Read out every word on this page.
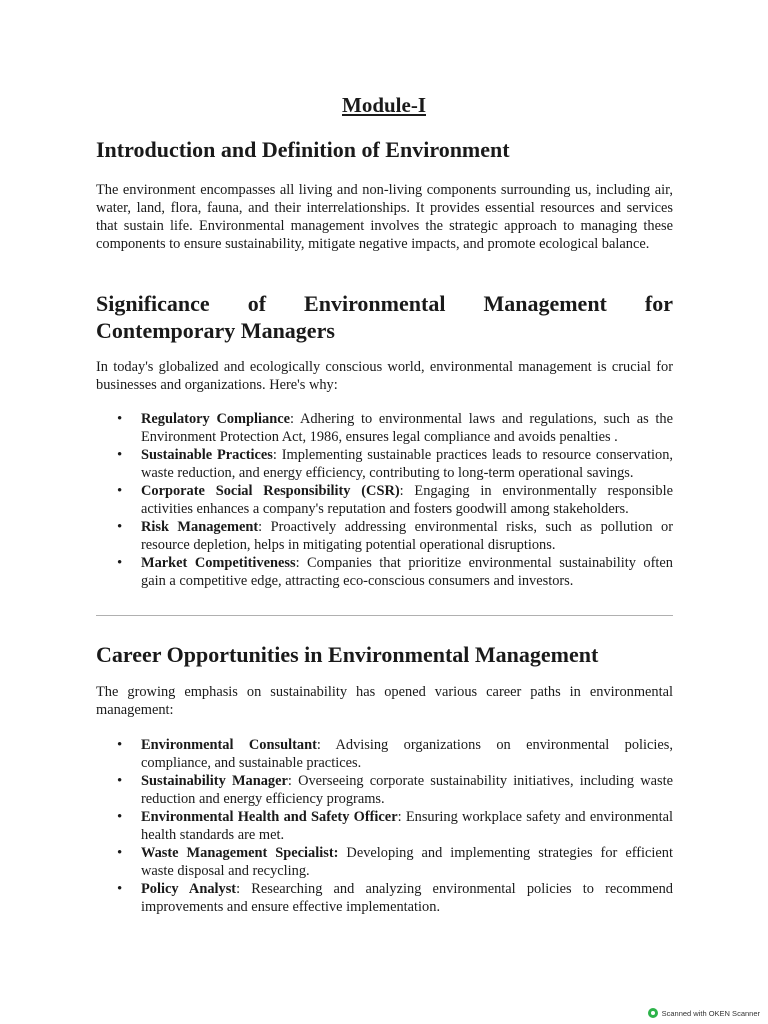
Module-I
Introduction and Definition of Environment

The environment encompasses all living and non-living components surrounding us, including air, water, land, flora, fauna, and their interrelationships. It provides essential resources and services that sustain life. Environmental management involves the strategic approach to managing these components to ensure sustainability, mitigate negative impacts, and promote ecological balance.

Significance of Environmental Management for
Contemporary Managers

In today's globalized and ecologically conscious world, environmental management is crucial for businesses and organizations. Here's why:

• Regulatory Compliance: Adhering to environmental laws and regulations, such as the Environment Protection Act, 1986, ensures legal compliance and avoids penalties .
• Sustainable Practices: Implementing sustainable practices leads to resource conservation, waste reduction, and energy efficiency, contributing to long-term operational savings.
• Corporate Social Responsibility (CSR): Engaging in environmentally responsible activities enhances a company's reputation and fosters goodwill among stakeholders.
• Risk Management: Proactively addressing environmental risks, such as pollution or resource depletion, helps in mitigating potential operational disruptions.
• Market Competitiveness: Companies that prioritize environmental sustainability often gain a competitive edge, attracting eco-conscious consumers and investors.
Career Opportunities in Environmental Management

The growing emphasis on sustainability has opened various career paths in environmental management:

• Environmental Consultant: Advising organizations on environmental policies, compliance, and sustainable practices.
• Sustainability Manager: Overseeing corporate sustainability initiatives, including waste reduction and energy efficiency programs.
• Environmental Health and Safety Officer: Ensuring workplace safety and environmental health standards are met.
• Waste Management Specialist: Developing and implementing strategies for efficient waste disposal and recycling.
• Policy Analyst: Researching and analyzing environmental policies to recommend improvements and ensure effective implementation.
Scanned with OKEN Scanner
